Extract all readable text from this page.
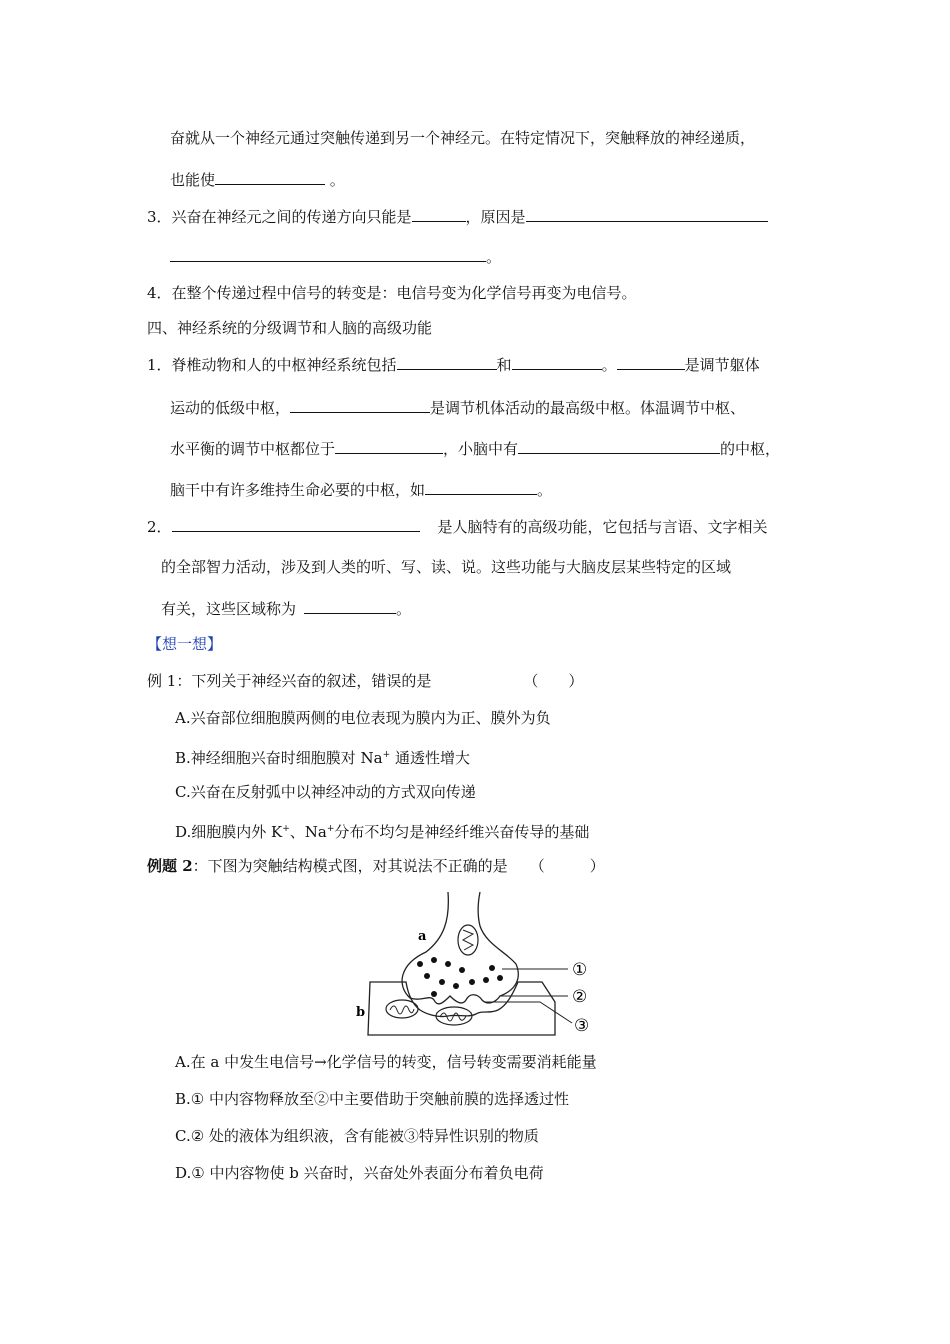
奋就从一个神经元通过突触传递到另一个神经元。在特定情况下，突触释放的神经递质，
也能使	。
3．兴奋在神经元之间的传递方向只能是	，原因是
。
4．在整个传递过程中信号的转变是：电信号变为化学信号再变为电信号。
四、神经系统的分级调节和人脑的高级功能
1．脊椎动物和人的中枢神经系统包括	和	。	是调节躯体
运动的低级中枢，	是调节机体活动的最高级中枢。体温调节中枢、
水平衡的调节中枢都位于	，小脑中有	的中枢，
脑干中有许多维持生命必要的中枢，如	。
2．	是人脑特有的高级功能，它包括与言语、文字相关
的全部智力活动，涉及到人类的听、写、读、说。这些功能与大脑皮层某些特定的区域
有关，这些区域称为	。
【想一想】
例 1：下列关于神经兴奋的叙述，错误的是	（　　）
A.兴奋部位细胞膜两侧的电位表现为膜内为正、膜外为负
B.神经细胞兴奋时细胞膜对 Na+ 通透性增大
C.兴奋在反射弧中以神经冲动的方式双向传递
D.细胞膜内外 K+、Na+分布不均匀是神经纤维兴奋传导的基础
例题 2：下图为突触结构模式图，对其说法不正确的是 （　　　）
a
b
①
②
③
A.在 a 中发生电信号→化学信号的转变，信号转变需要消耗能量
B.① 中内容物释放至②中主要借助于突触前膜的选择透过性
C.② 处的液体为组织液，含有能被③特异性识别的物质
D.① 中内容物使 b 兴奋时，兴奋处外表面分布着负电荷
